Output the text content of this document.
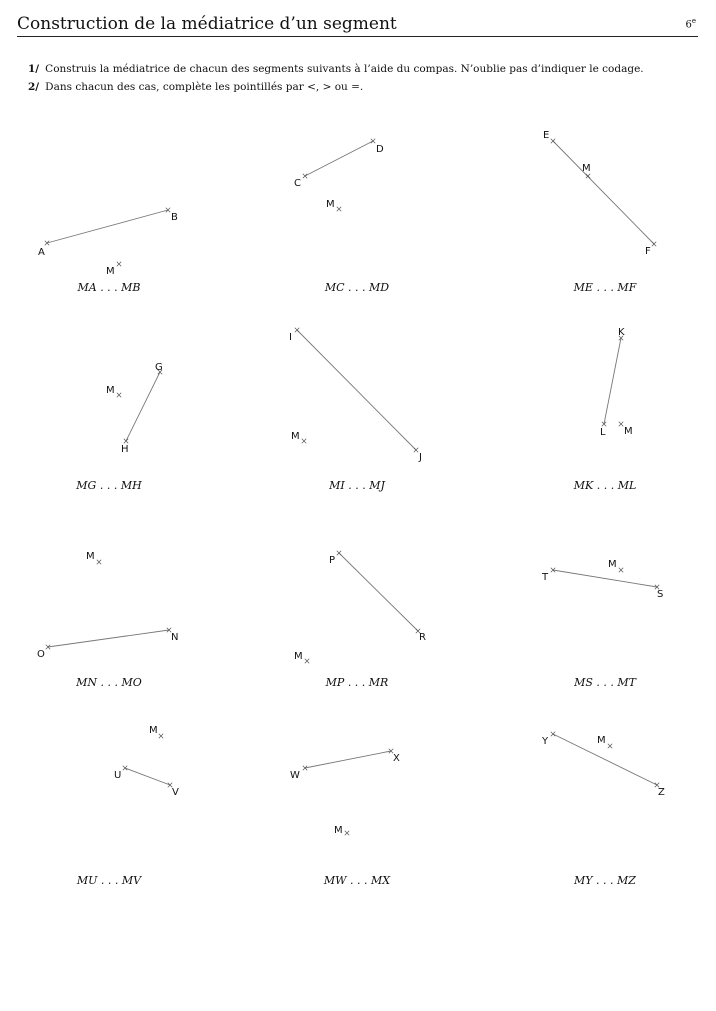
Construction de la médiatrice d’un segment	6e
1/ Construis la médiatrice de chacun des segments suivants à l’aide du compas. N’oublie pas d’indiquer le codage.
2/ Dans chacun des cas, complète les pointillés par <, > ou =.
A
B
M
MA . . . MB
C
D
M
MC . . . MD
E
F
M
ME . . . MF
G
H
M
MG . . . MH
I
J
M
MI . . . MJ
K
L M
MK . . . ML
N
O
M
MN . . . MO
P
R
M
MP . . . MR
S
T
M
MS . . . MT
U
V
M
MU . . . MV
W
X
M
MW . . . MX
Y
Z
M
MY . . . MZ
